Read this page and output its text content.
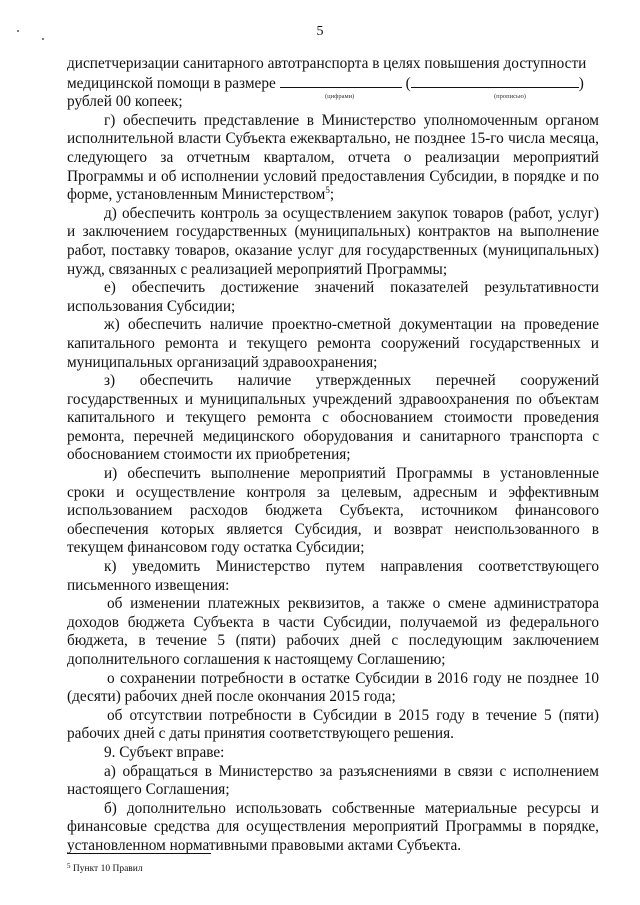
5

диспетчеризации санитарного автотранспорта в целях повышения доступности

медицинской помощи в размере	(	)
(цифрами)	(прописью)

рублей 00 копеек;

г) обеспечить представление в Министерство уполномоченным органом исполнительной власти Субъекта ежеквартально, не позднее 15-го числа месяца, следующего за отчетным кварталом, отчета о реализации мероприятий Программы и об исполнении условий предоставления Субсидии, в порядке и по форме, установленным Министерством$^5$;

д) обеспечить контроль за осуществлением закупок товаров (работ, услуг) и заключением государственных (муниципальных) контрактов на выполнение работ, поставку товаров, оказание услуг для государственных (муниципальных) нужд, связанных с реализацией мероприятий Программы;

е) обеспечить достижение значений показателей результативности использования Субсидии;

ж) обеспечить наличие проектно-сметной документации на проведение капитального ремонта и текущего ремонта сооружений государственных и муниципальных организаций здравоохранения;

з) обеспечить наличие утвержденных перечней сооружений государственных и муниципальных учреждений здравоохранения по объектам капитального и текущего ремонта с обоснованием стоимости проведения ремонта, перечней медицинского оборудования и санитарного транспорта с обоснованием стоимости их приобретения;

и) обеспечить выполнение мероприятий Программы в установленные сроки и осуществление контроля за целевым, адресным и эффективным использованием расходов бюджета Субъекта, источником финансового обеспечения которых является Субсидия, и возврат неиспользованного в текущем финансовом году остатка Субсидии;

к) уведомить Министерство путем направления соответствующего письменного извещения:

об изменении платежных реквизитов, а также о смене администратора доходов бюджета Субъекта в части Субсидии, получаемой из федерального бюджета, в течение 5 (пяти) рабочих дней с последующим заключением дополнительного соглашения к настоящему Соглашению;

о сохранении потребности в остатке Субсидии в 2016 году не позднее 10 (десяти) рабочих дней после окончания 2015 года;

об отсутствии потребности в Субсидии в 2015 году в течение 5 (пяти) рабочих дней с даты принятия соответствующего решения.

9. Субъект вправе:

а) обращаться в Министерство за разъяснениями в связи с исполнением настоящего Соглашения;

б) дополнительно использовать собственные материальные ресурсы и финансовые средства для осуществления мероприятий Программы в порядке, установленном нормативными правовыми актами Субъекта.

$^5$ Пункт 10 Правил
